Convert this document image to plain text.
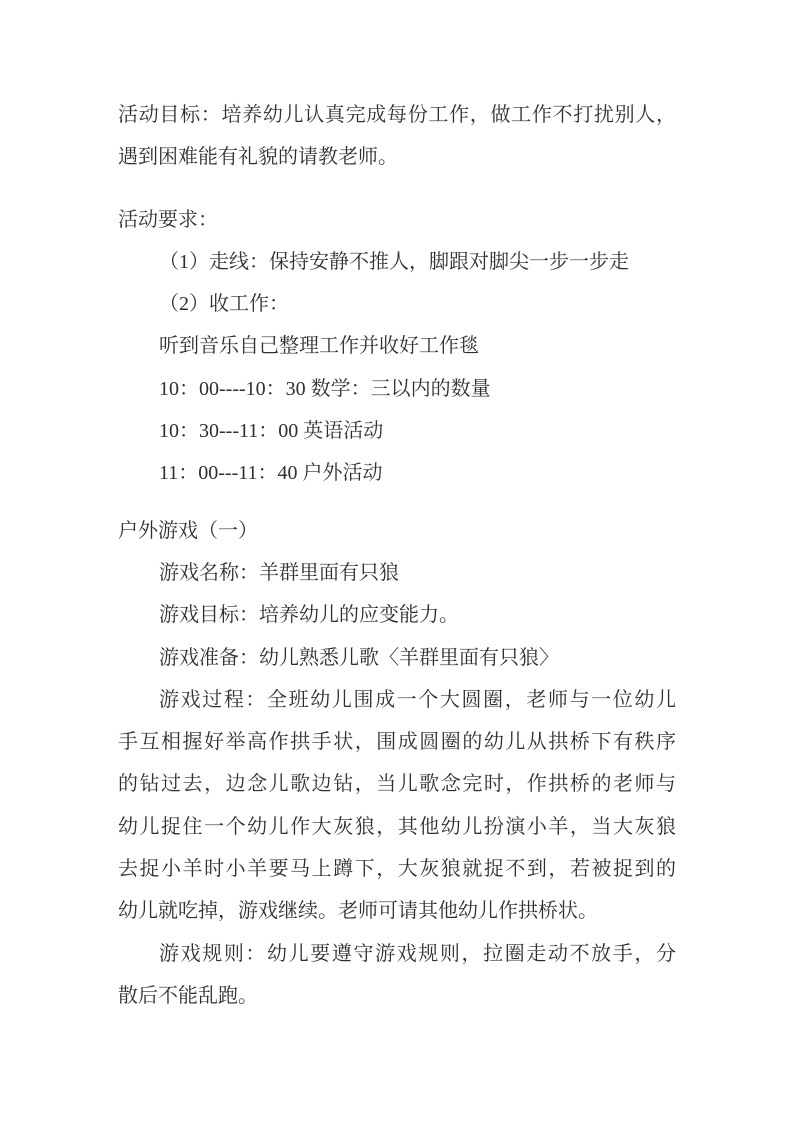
活动目标：培养幼儿认真完成每份工作，做工作不打扰别人，
遇到困难能有礼貌的请教老师。
活动要求：
（1）走线：保持安静不推人，脚跟对脚尖一步一步走
（2）收工作：
听到音乐自己整理工作并收好工作毯
10：00----10：30 数学：三以内的数量
10：30---11：00 英语活动
11：00---11：40 户外活动
户外游戏（一）
游戏名称：羊群里面有只狼
游戏目标：培养幼儿的应变能力。
游戏准备：幼儿熟悉儿歌〈羊群里面有只狼〉
游戏过程：全班幼儿围成一个大圆圈，老师与一位幼儿
手互相握好举高作拱手状，围成圆圈的幼儿从拱桥下有秩序
的钻过去，边念儿歌边钻，当儿歌念完时，作拱桥的老师与
幼儿捉住一个幼儿作大灰狼，其他幼儿扮演小羊，当大灰狼
去捉小羊时小羊要马上蹲下，大灰狼就捉不到，若被捉到的
幼儿就吃掉，游戏继续。老师可请其他幼儿作拱桥状。
游戏规则：幼儿要遵守游戏规则，拉圈走动不放手，分
散后不能乱跑。
